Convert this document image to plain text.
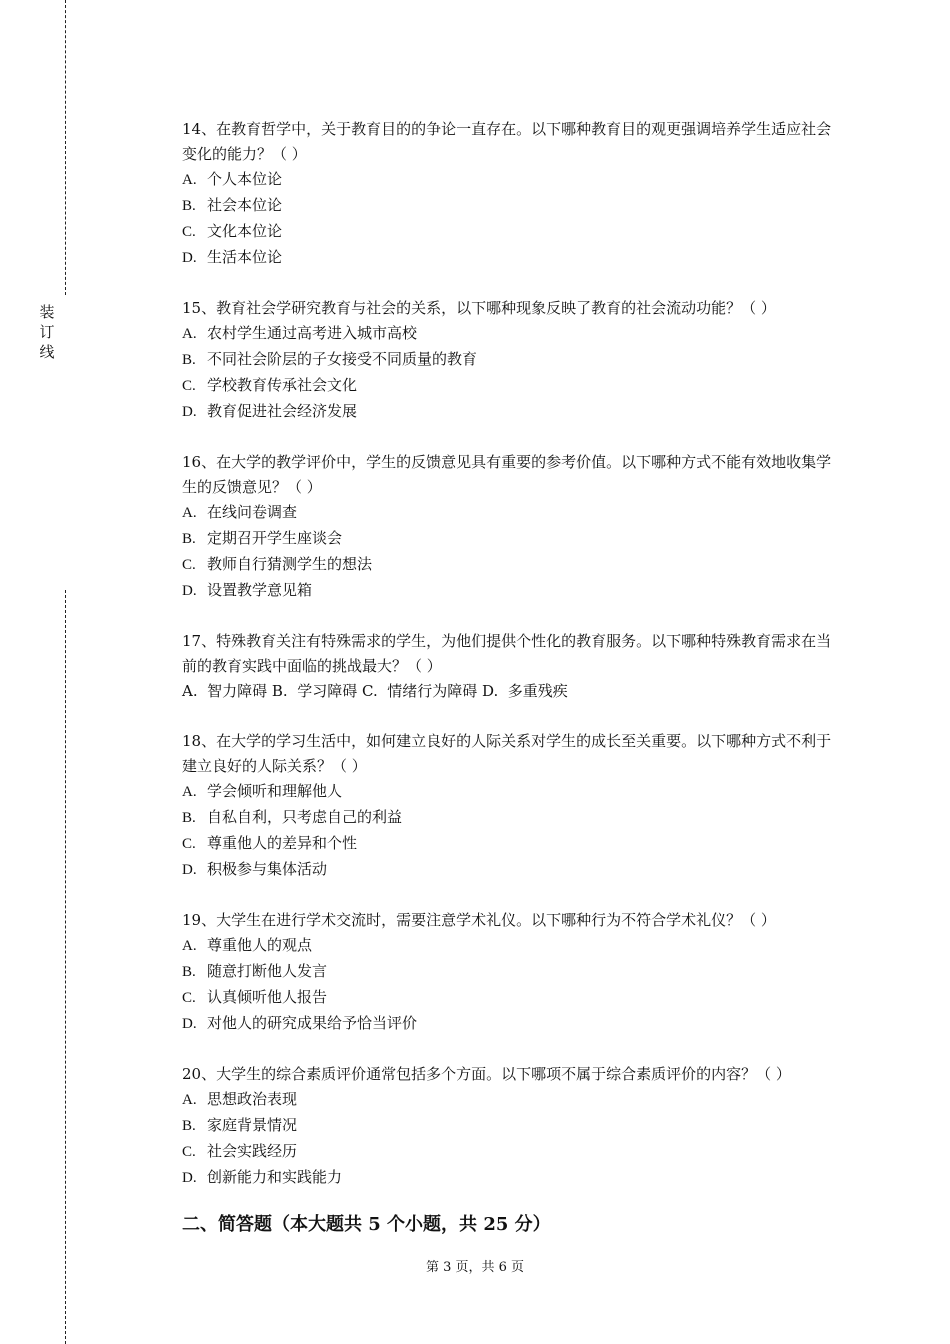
装
订
线

14、在教育哲学中，关于教育目的的争论一直存在。以下哪种教育目的观更强调培养学生适应社会变化的能力？（ ）

A. 个人本位论

B. 社会本位论

C. 文化本位论

D. 生活本位论

15、教育社会学研究教育与社会的关系，以下哪种现象反映了教育的社会流动功能？（ ）

A. 农村学生通过高考进入城市高校

B. 不同社会阶层的子女接受不同质量的教育

C. 学校教育传承社会文化

D. 教育促进社会经济发展

16、在大学的教学评价中，学生的反馈意见具有重要的参考价值。以下哪种方式不能有效地收集学生的反馈意见？（ ）

A. 在线问卷调查

B. 定期召开学生座谈会

C. 教师自行猜测学生的想法

D. 设置教学意见箱

17、特殊教育关注有特殊需求的学生，为他们提供个性化的教育服务。以下哪种特殊教育需求在当前的教育实践中面临的挑战最大？（ ）

A.  智力障碍 B.  学习障碍 C.  情绪行为障碍 D.  多重残疾

18、在大学的学习生活中，如何建立良好的人际关系对学生的成长至关重要。以下哪种方式不利于建立良好的人际关系？（ ）

A. 学会倾听和理解他人

B. 自私自利，只考虑自己的利益

C. 尊重他人的差异和个性

D. 积极参与集体活动

19、大学生在进行学术交流时，需要注意学术礼仪。以下哪种行为不符合学术礼仪？（ ）

A. 尊重他人的观点

B. 随意打断他人发言

C. 认真倾听他人报告

D. 对他人的研究成果给予恰当评价

20、大学生的综合素质评价通常包括多个方面。以下哪项不属于综合素质评价的内容？（ ）

A. 思想政治表现

B. 家庭背景情况

C. 社会实践经历

D. 创新能力和实践能力

二、简答题（本大题共 5 个小题，共 25 分）
第 3 页，共 6 页
